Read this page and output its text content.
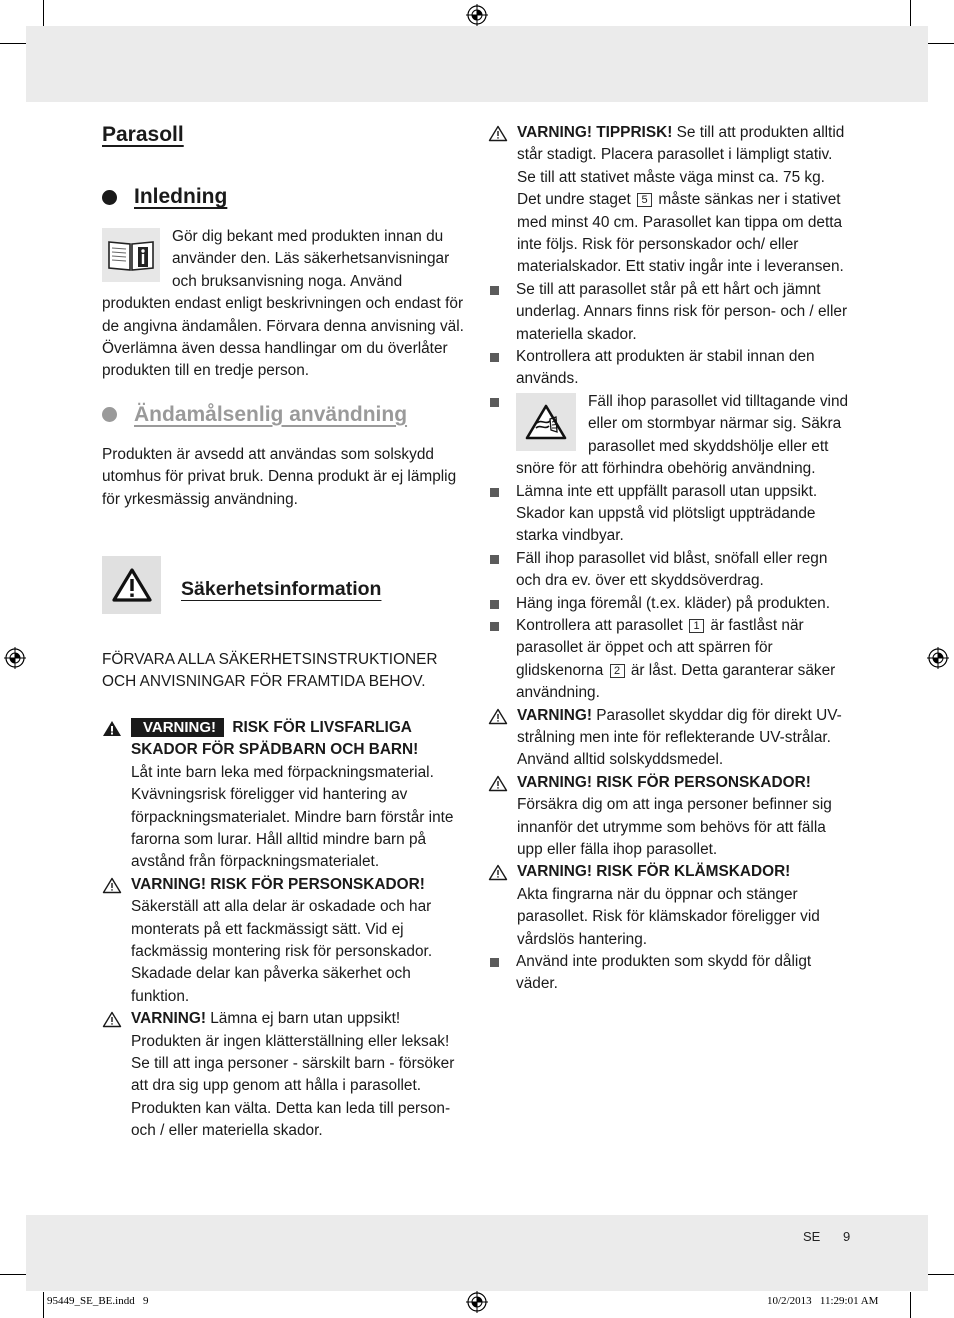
Parasoll
Inledning

Gör dig bekant med produkten innan du använder den. Läs säkerhetsanvisningar och bruksanvisning noga. Använd produkten endast enligt beskrivningen och endast för de angivna ändamålen. Förvara denna anvisning väl. Överlämna även dessa handlingar om du överlåter produkten till en tredje person.

Ändamålsenlig användning

Produkten är avsedd att användas som solskydd utomhus för privat bruk. Denna produkt är ej lämplig för yrkesmässig användning.

Säkerhetsinformation

FÖRVARA ALLA SÄKERHETSINSTRUKTIONER OCH ANVISNINGAR FÖR FRAMTIDA BEHOV.

VARNING! RISK FÖR LIVSFARLIGA SKADOR FÖR SPÄDBARN OCH BARN!
Låt inte barn leka med förpackningsmaterial. Kvävningsrisk föreligger vid hantering av förpackningsmaterialet. Mindre barn förstår inte farorna som lurar. Håll alltid mindre barn på avstånd från förpackningsmaterialet.

VARNING! RISK FÖR PERSONSKADOR! Säkerställ att alla delar är oskadade och har monterats på ett fackmässigt sätt. Vid ej fackmässig montering risk för personskador. Skadade delar kan påverka säkerhet och funktion.

VARNING! Lämna ej barn utan uppsikt! Produkten är ingen klätterställning eller leksak! Se till att inga personer - särskilt barn - försöker att dra sig upp genom att hålla i parasollet. Produkten kan välta. Detta kan leda till person- och / eller materiella skador.

VARNING! TIPPRISK! Se till att produkten alltid står stadigt. Placera parasollet i lämpligt stativ. Se till att stativet måste väga minst ca. 75 kg. Det undre staget 5 måste sänkas ner i stativet med minst 40 cm. Parasollet kan tippa om detta inte följs. Risk för personskador och/ eller materialskador. Ett stativ ingår inte i leveransen.

Se till att parasollet står på ett hårt och jämnt underlag. Annars finns risk för person- och / eller materiella skador.

Kontrollera att produkten är stabil innan den används.

Fäll ihop parasollet vid tilltagande vind eller om stormbyar närmar sig. Säkra parasollet med skyddshölje eller ett snöre för att förhindra obehörig användning.

Lämna inte ett uppfällt parasoll utan uppsikt. Skador kan uppstå vid plötsligt uppträdande starka vindbyar.

Fäll ihop parasollet vid blåst, snöfall eller regn och dra ev. över ett skyddsöverdrag.

Häng inga föremål (t.ex. kläder) på produkten.

Kontrollera att parasollet 1 är fastlåst när parasollet är öppet och att spärren för glidskenorna 2 är låst. Detta garanterar säker användning.

VARNING! Parasollet skyddar dig för direkt UV-strålning men inte för reflekterande UV-strålar. Använd alltid solskyddsmedel.

VARNING! RISK FÖR PERSONSKADOR!
Försäkra dig om att inga personer befinner sig innanför det utrymme som behövs för att fälla upp eller fälla ihop parasollet.

VARNING! RISK FÖR KLÄMSKADOR!
Akta fingrarna när du öppnar och stänger parasollet. Risk för klämskador föreligger vid vårdslös hantering.

Använd inte produkten som skydd för dåligt väder.

SE 9
95449_SE_BE.indd   9	10/2/2013   11:29:01 AM
